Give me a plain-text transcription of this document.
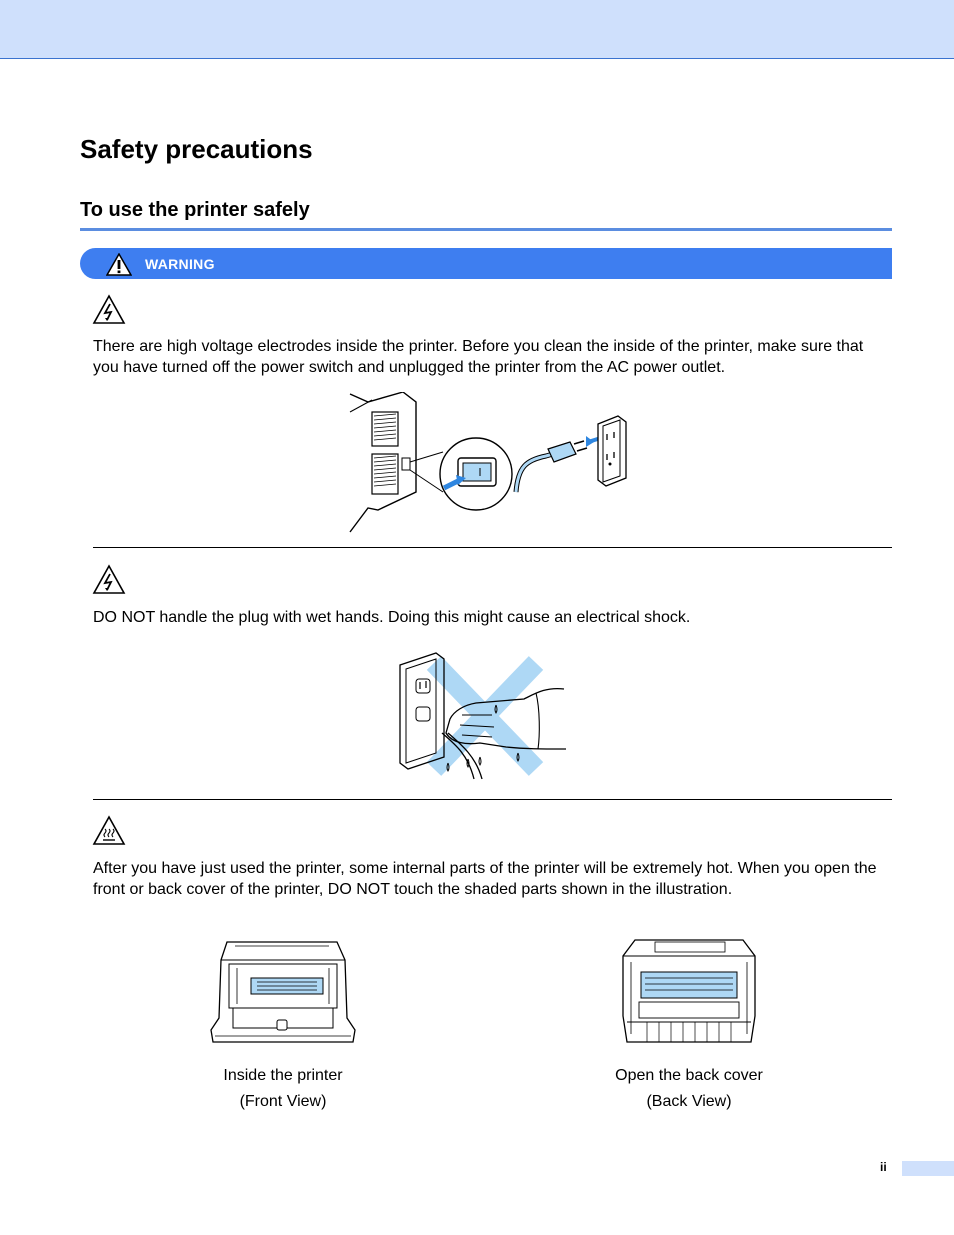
Safety precautions
To use the printer safely
WARNING

There are high voltage electrodes inside the printer. Before you clean the inside of the printer, make sure that you have turned off the power switch and unplugged the printer from the AC power outlet.

DO NOT handle the plug with wet hands. Doing this might cause an electrical shock.

After you have just used the printer, some internal parts of the printer will be extremely hot. When you open the front or back cover of the printer, DO NOT touch the shaded parts shown in the illustration.

Inside the printer
(Front View)
Open the back cover
(Back View)
ii
